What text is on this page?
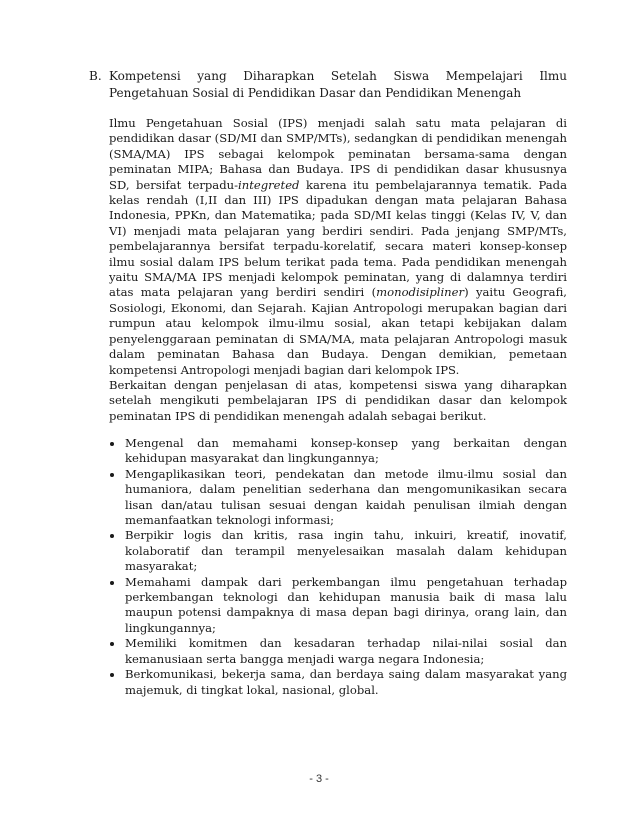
B. Kompetensi yang Diharapkan Setelah Siswa Mempelajari Ilmu Pengetahuan Sosial di Pendidikan Dasar dan Pendidikan Menengah

Ilmu Pengetahuan Sosial (IPS) menjadi salah satu mata pelajaran di pendidikan dasar (SD/MI dan SMP/MTs), sedangkan di pendidikan menengah (SMA/MA) IPS sebagai kelompok peminatan bersama-sama dengan peminatan MIPA; Bahasa dan Budaya. IPS di pendidikan dasar khususnya SD, bersifat terpadu-integreted karena itu pembelajarannya tematik. Pada kelas rendah (I,II dan III) IPS dipadukan dengan mata pelajaran Bahasa Indonesia, PPKn, dan Matematika; pada SD/MI kelas tinggi (Kelas IV, V, dan VI) menjadi mata pelajaran yang berdiri sendiri. Pada jenjang SMP/MTs, pembelajarannya bersifat terpadu-korelatif, secara materi konsep-konsep ilmu sosial dalam IPS belum terikat pada tema. Pada pendidikan menengah yaitu SMA/MA IPS menjadi kelompok peminatan, yang di dalamnya terdiri atas mata pelajaran yang berdiri sendiri (monodisipliner) yaitu Geografi, Sosiologi, Ekonomi, dan Sejarah. Kajian Antropologi merupakan bagian dari rumpun atau kelompok ilmu-ilmu sosial, akan tetapi kebijakan dalam penyelenggaraan peminatan di SMA/MA, mata pelajaran Antropologi masuk dalam peminatan Bahasa dan Budaya. Dengan demikian, pemetaan kompetensi Antropologi menjadi bagian dari kelompok IPS.

Berkaitan dengan penjelasan di atas, kompetensi siswa yang diharapkan setelah mengikuti pembelajaran IPS di pendidikan dasar dan kelompok peminatan IPS di pendidikan menengah adalah sebagai berikut.

Mengenal dan memahami konsep-konsep yang berkaitan dengan kehidupan masyarakat dan lingkungannya;
Mengaplikasikan teori, pendekatan dan metode ilmu-ilmu sosial dan humaniora, dalam penelitian sederhana dan mengomunikasikan secara lisan dan/atau tulisan sesuai dengan kaidah penulisan ilmiah dengan memanfaatkan teknologi informasi;
Berpikir logis dan kritis, rasa ingin tahu, inkuiri, kreatif, inovatif, kolaboratif dan terampil menyelesaikan masalah dalam kehidupan masyarakat;
Memahami dampak dari perkembangan ilmu pengetahuan terhadap perkembangan teknologi dan kehidupan manusia baik di masa lalu maupun potensi dampaknya di masa depan bagi dirinya, orang lain, dan lingkungannya;
Memiliki komitmen dan kesadaran terhadap nilai-nilai sosial dan kemanusiaan serta bangga menjadi warga negara Indonesia;
Berkomunikasi, bekerja sama, dan berdaya saing dalam masyarakat yang majemuk, di tingkat lokal, nasional, global.
- 3 -
